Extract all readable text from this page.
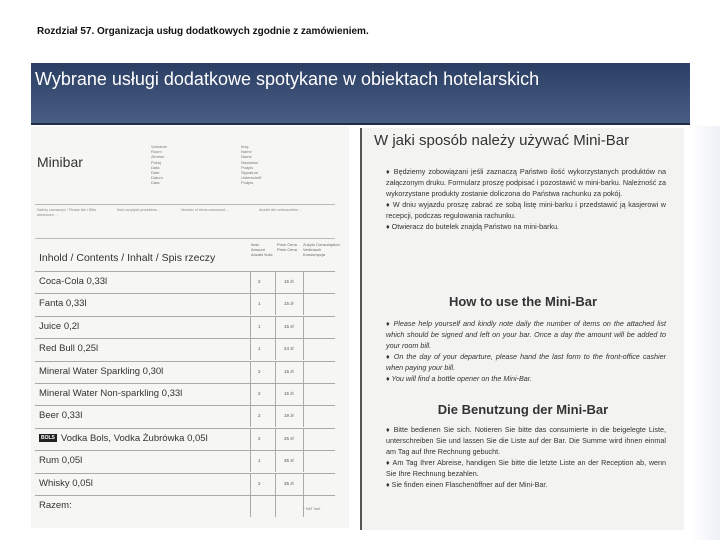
Rozdział 57. Organizacja usług dodatkowych zgodnie z zamówieniem.
Wybrane usługi dodatkowe spotykane w obiektach hotelarskich
Minibar
Vorname
Room
Zimmer
Pokój
Data
Date
Datum
Data
Imię
Name
Name
Nazwisko
Podpis
Signature
Unterschrift
Podpis
Należy zaznaczyć / Please tick / Bitte ankreuzen ...
Ilość zużytych produktów ...	Number of items consumed ...	Anzahl der verbrauchten ...
Inhold / Contents / Inhalt / Spis rzeczy
Ilość Amount Anzahl Ilość
Price Cena Preis Cena
Zużyto Consumption Verbrauch Konsumpcja
Coca-Cola 0,33l	2	15 zł
Fanta 0,33l	1	15 zł
Juice 0,2l	1	15 zł
Red Bull 0,25l	1	24 zł
Mineral Water Sparkling 0,30l	2	15 zł
Mineral Water Non-sparkling 0,33l	2	15 zł
Beer 0,33l	2	19 zł
BOLS Vodka Bols, Vodka Żubrówka 0,05l	2	25 zł
Rum 0,05l	1	35 zł
Whisky 0,05l	2	35 zł
Razem:	* VAT incl.
W jaki sposób należy używać Mini-Bar
♦ Będziemy zobowiązani jeśli zaznaczą Państwo ilość wykorzystanych produktów na załączonym druku. Formularz proszę podpisać i pozostawić w mini-barku. Należność za wykorzystane produkty zostanie doliczona do Państwa rachunku za pokój.
♦ W dniu wyjazdu proszę zabrać ze sobą listę mini-barku i przedstawić ją kasjerowi w recepcji, podczas regulowania rachunku.
♦ Otwieracz do butelek znajdą Państwo na mini-barku.
How to use the Mini-Bar
♦ Please help yourself and kindly note daily the number of items on the attached list which should be signed and left on your bar. Once a day the amount will be added to your room bill.
♦ On the day of your departure, please hand the last form to the front-office cashier when paying your bill.
♦ You will find a bottle opener on the Mini-Bar.
Die Benutzung der Mini-Bar
♦ Bitte bedienen Sie sich. Notieren Sie bitte das consumierte in die beigelegte Liste, unterschreiben Sie und lassen Sie die Liste auf der Bar. Die Summe wird ihnen einmal am Tag auf Ihre Rechnung gebucht.
♦ Am Tag Ihrer Abreise, handigen Sie bitte die letzte Liste an der Reception ab, wenn Sie Ihre Rechnung bezahlen.
♦ Sie finden einen Flaschenöffner auf der Mini-Bar.
